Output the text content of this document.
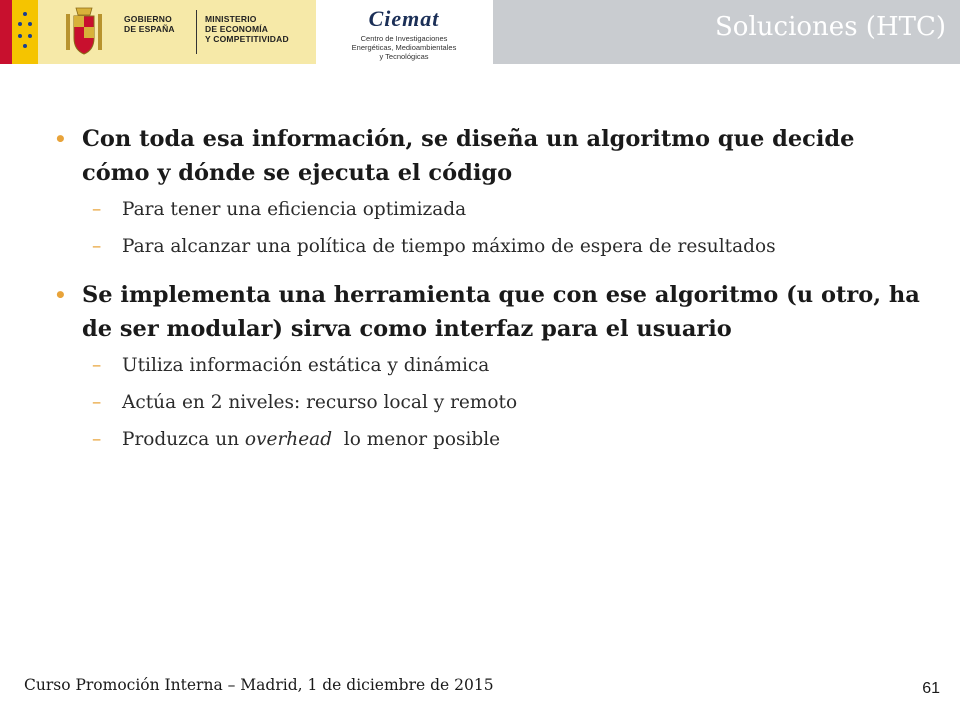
GOBIERNO
DE ESPAÑA
MINISTERIO
DE ECONOMÍA
Y COMPETITIVIDAD
Ciemat
Centro de Investigaciones
Energéticas, Medioambientales
y Tecnológicas
Soluciones (HTC)
• Con toda esa información, se diseña un algoritmo que decide cómo y dónde se ejecuta el código
– Para tener una eficiencia optimizada
– Para alcanzar una política de tiempo máximo de espera de resultados
• Se implementa una herramienta que con ese algoritmo (u otro, ha de ser modular) sirva como interfaz para el usuario
– Utiliza información estática y dinámica
– Actúa en 2 niveles: recurso local y remoto
– Produzca un overhead  lo menor posible
Curso Promoción Interna – Madrid, 1 de diciembre de 2015	61
